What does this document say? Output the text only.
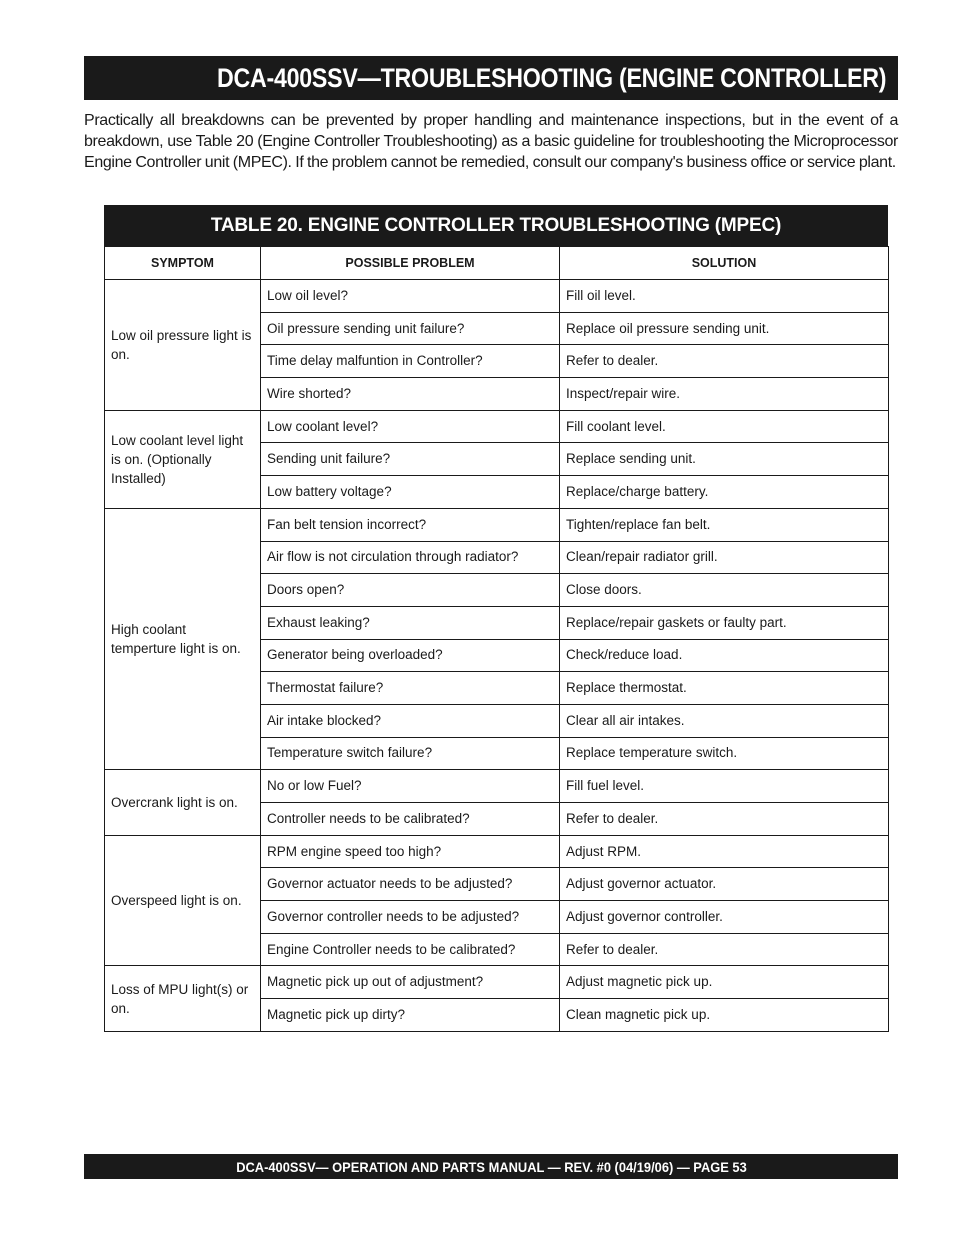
DCA-400SSV—TROUBLESHOOTING (ENGINE CONTROLLER)

Practically all breakdowns can be prevented by proper handling and maintenance inspections, but in the event of a breakdown, use Table 20 (Engine Controller Troubleshooting) as a basic guideline for troubleshooting the Microprocessor Engine Controller unit (MPEC). If the problem cannot be remedied, consult our company's business office or service plant.

TABLE 20. ENGINE CONTROLLER TROUBLESHOOTING (MPEC)
SYMPTOM	POSSIBLE PROBLEM	SOLUTION
Low oil pressure light is on.	Low oil level?	Fill oil level.
	Oil pressure sending unit failure?	Replace oil pressure sending unit.
	Time delay malfuntion in Controller?	Refer to dealer.
	Wire shorted?	Inspect/repair wire.
Low coolant level light is on. (Optionally Installed)	Low coolant level?	Fill coolant level.
	Sending unit failure?	Replace sending unit.
	Low battery voltage?	Replace/charge battery.
High coolant temperture light is on.	Fan belt tension incorrect?	Tighten/replace fan belt.
	Air flow is not circulation through radiator?	Clean/repair radiator grill.
	Doors open?	Close doors.
	Exhaust leaking?	Replace/repair gaskets or faulty part.
	Generator being overloaded?	Check/reduce load.
	Thermostat failure?	Replace thermostat.
	Air intake blocked?	Clear all air intakes.
	Temperature switch failure?	Replace temperature switch.
Overcrank light is on.	No or low Fuel?	Fill fuel level.
	Controller needs to be calibrated?	Refer to dealer.
Overspeed light is on.	RPM engine speed too high?	Adjust RPM.
	Governor actuator needs to be adjusted?	Adjust governor actuator.
	Governor controller needs to be adjusted?	Adjust governor controller.
	Engine Controller needs to be calibrated?	Refer to dealer.
Loss of MPU light(s) or on.	Magnetic pick up out of adjustment?	Adjust magnetic pick up.
	Magnetic pick up dirty?	Clean magnetic pick up.
DCA-400SSV— OPERATION AND PARTS MANUAL — REV. #0 (04/19/06) — PAGE 53
